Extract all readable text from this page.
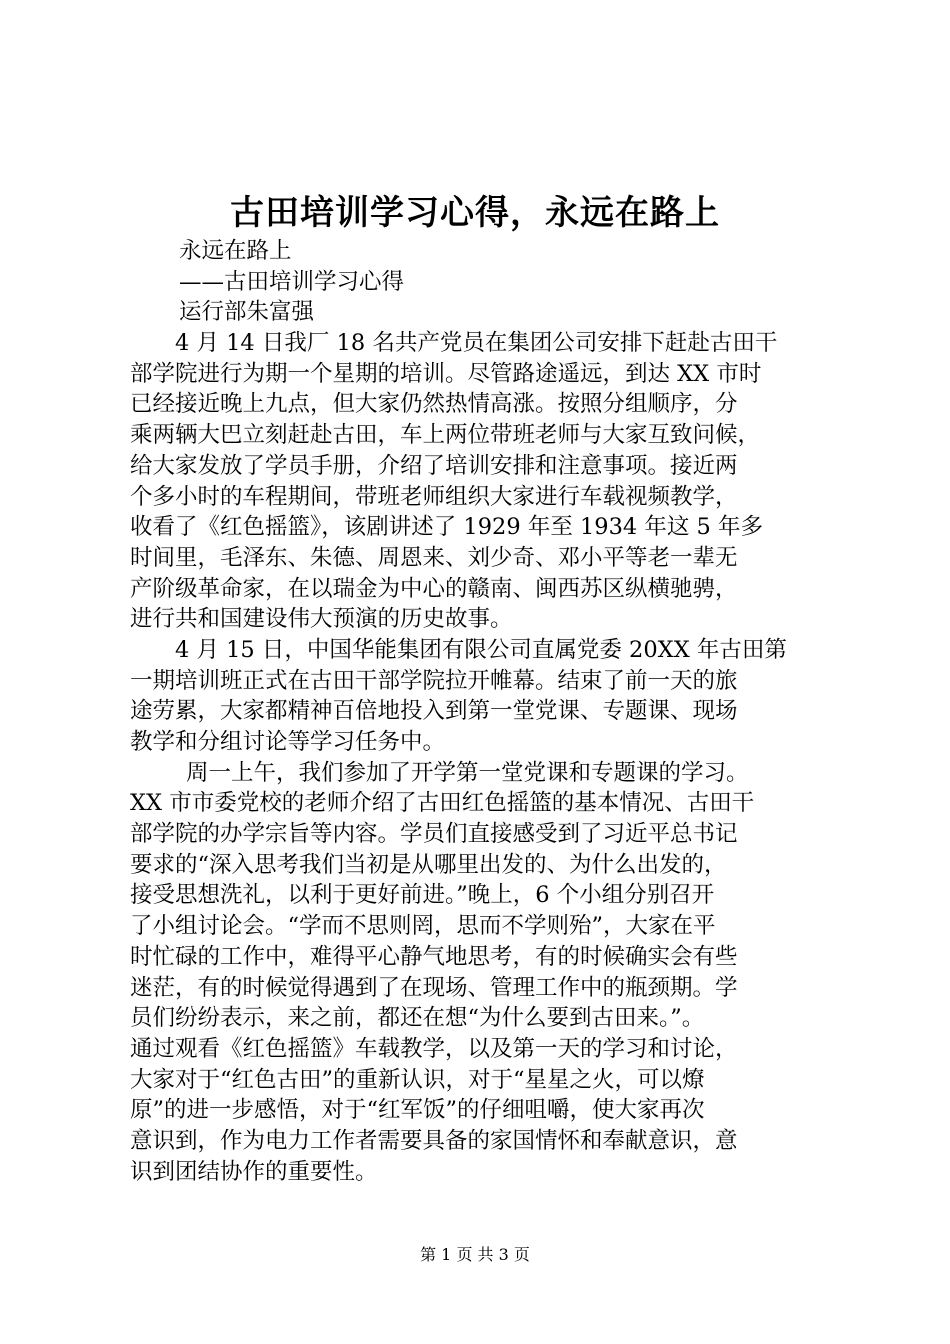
古田培训学习心得，永远在路上
永远在路上
——古田培训学习心得
运行部朱富强
4 月 14 日我厂 18 名共产党员在集团公司安排下赶赴古田干
部学院进行为期一个星期的培训。尽管路途遥远，到达 XX 市时
已经接近晚上九点，但大家仍然热情高涨。按照分组顺序，分
乘两辆大巴立刻赶赴古田，车上两位带班老师与大家互致问候，
给大家发放了学员手册，介绍了培训安排和注意事项。接近两
个多小时的车程期间，带班老师组织大家进行车载视频教学，
收看了《红色摇篮》，该剧讲述了 1929 年至 1934 年这 5 年多
时间里，毛泽东、朱德、周恩来、刘少奇、邓小平等老一辈无
产阶级革命家，在以瑞金为中心的赣南、闽西苏区纵横驰骋，
进行共和国建设伟大预演的历史故事。
4 月 15 日，中国华能集团有限公司直属党委 20XX 年古田第
一期培训班正式在古田干部学院拉开帷幕。结束了前一天的旅
途劳累，大家都精神百倍地投入到第一堂党课、专题课、现场
教学和分组讨论等学习任务中。
周一上午，我们参加了开学第一堂党课和专题课的学习。
XX 市市委党校的老师介绍了古田红色摇篮的基本情况、古田干
部学院的办学宗旨等内容。学员们直接感受到了习近平总书记
要求的“深入思考我们当初是从哪里出发的、为什么出发的，
接受思想洗礼，以利于更好前进。”晚上，6 个小组分别召开
了小组讨论会。“学而不思则罔，思而不学则殆”，大家在平
时忙碌的工作中，难得平心静气地思考，有的时候确实会有些
迷茫，有的时候觉得遇到了在现场、管理工作中的瓶颈期。学
员们纷纷表示，来之前，都还在想“为什么要到古田来。”。
通过观看《红色摇篮》车载教学，以及第一天的学习和讨论，
大家对于“红色古田”的重新认识，对于“星星之火，可以燎
原”的进一步感悟，对于“红军饭”的仔细咀嚼，使大家再次
意识到，作为电力工作者需要具备的家国情怀和奉献意识，意
识到团结协作的重要性。
第 1 页 共 3 页
